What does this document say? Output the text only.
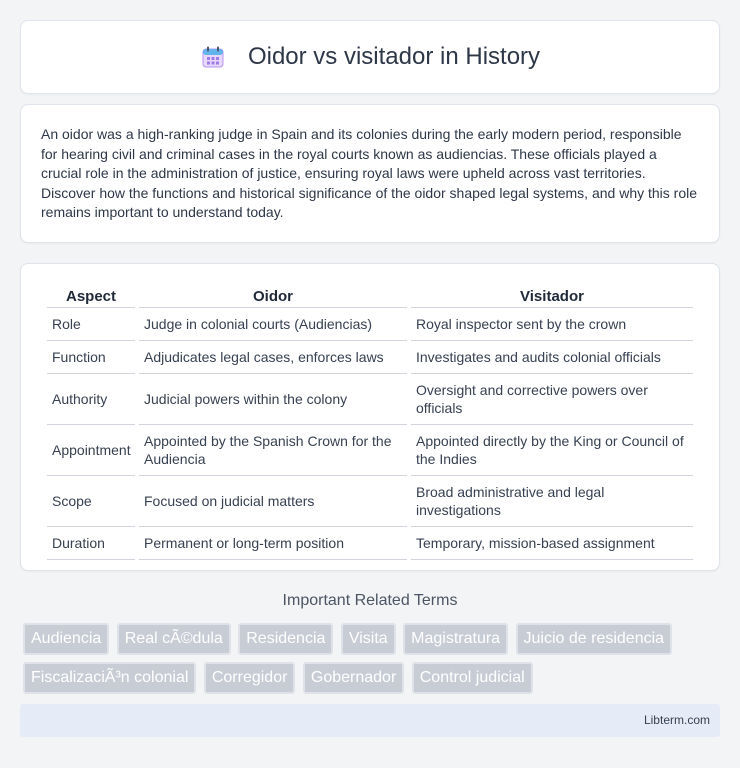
Oidor vs visitador in History

An oidor was a high-ranking judge in Spain and its colonies during the early modern period, responsible for hearing civil and criminal cases in the royal courts known as audiencias. These officials played a crucial role in the administration of justice, ensuring royal laws were upheld across vast territories. Discover how the functions and historical significance of the oidor shaped legal systems, and why this role remains important to understand today.

Aspect	Oidor	Visitador
Role	Judge in colonial courts (Audiencias)	Royal inspector sent by the crown
Function	Adjudicates legal cases, enforces laws	Investigates and audits colonial officials
Authority	Judicial powers within the colony	Oversight and corrective powers over officials
Appointment	Appointed by the Spanish Crown for the Audiencia	Appointed directly by the King or Council of the Indies
Scope	Focused on judicial matters	Broad administrative and legal investigations
Duration	Permanent or long-term position	Temporary, mission-based assignment
Important Related Terms
Audiencia Real cÃ©dula Residencia Visita Magistratura Juicio de residencia FiscalizaciÃ³n colonial Corregidor Gobernador Control judicial
Libterm.com
